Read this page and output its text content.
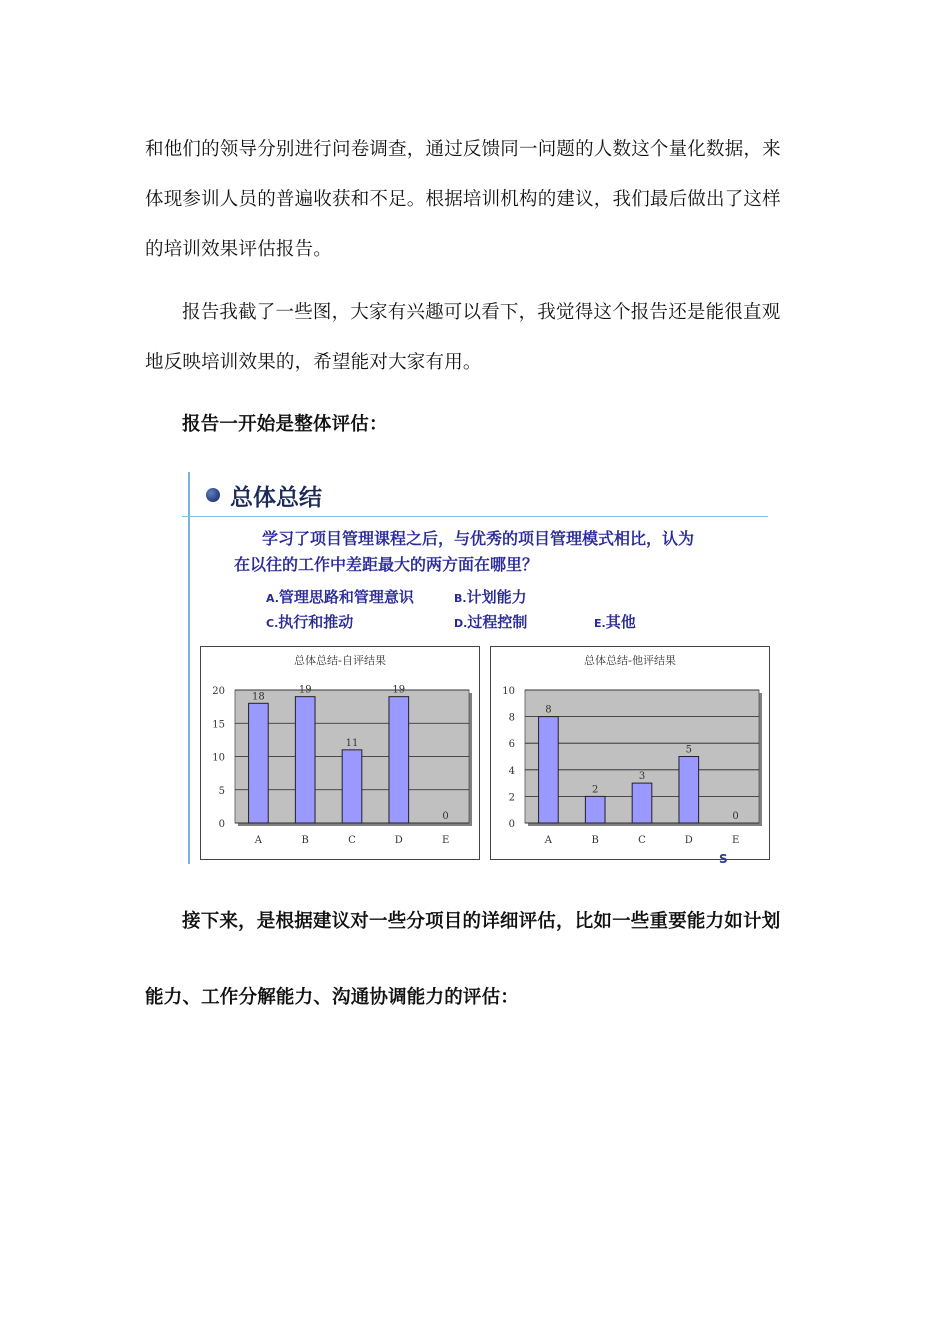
和他们的领导分别进行问卷调查，通过反馈同一问题的人数这个量化数据，来
体现参训人员的普遍收获和不足。根据培训机构的建议，我们最后做出了这样
的培训效果评估报告。
报告我截了一些图，大家有兴趣可以看下，我觉得这个报告还是能很直观
地反映培训效果的，希望能对大家有用。
报告一开始是整体评估：
总体总结
学习了项目管理课程之后，与优秀的项目管理模式相比，认为
在以往的工作中差距最大的两方面在哪里？
A.管理思路和管理意识	B.计划能力
C.执行和推动	D.过程控制	E.其他
总体总结-自评结果
0
5
10
15
20	18
A
19
B
11
C
19
D
0
E
总体总结-他评结果
0
2
4
6
8
10
8
A
2
B
3
C
5
D
0
E
S
接下来，是根据建议对一些分项目的详细评估，比如一些重要能力如计划
能力、工作分解能力、沟通协调能力的评估：
